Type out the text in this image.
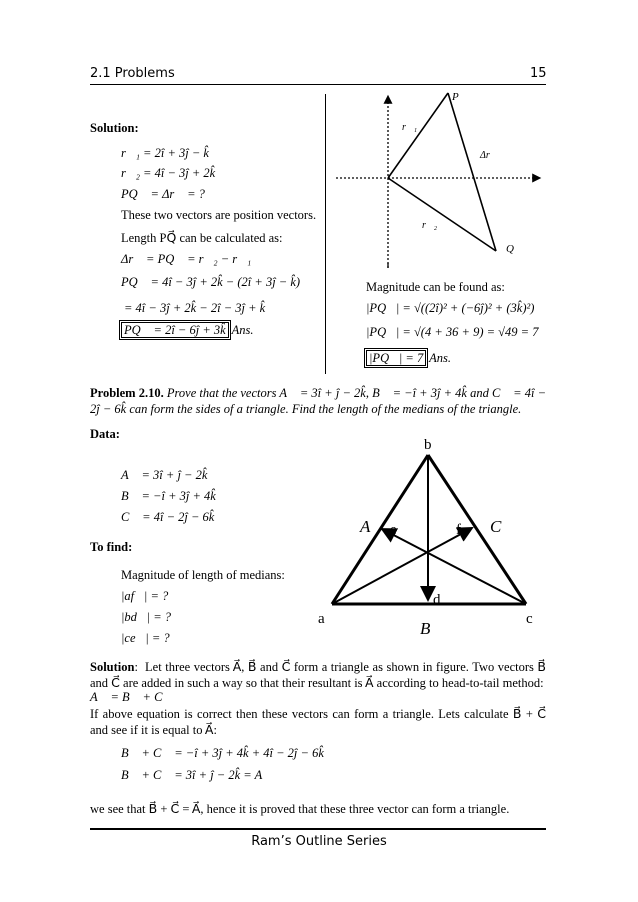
2.1 Problems	15
Solution:
r⃗₁ = 2î + 3ĵ − k̂
r⃗₂ = 4î − 3ĵ + 2k̂
PQ⃗ = Δr⃗ = ?
These two vectors are position vectors.
Length PQ⃗ can be calculated as:
Δr⃗ = PQ⃗ = r⃗₂ − r⃗₁
PQ⃗ = 4î − 3ĵ + 2k̂ − (2î + 3ĵ − k̂)
= 4î − 3ĵ + 2k̂ − 2î − 3ĵ + k̂
PQ⃗ = 2î − 6ĵ + 3k̂ Ans.
P
Q
r⃗₁
r⃗₂
Δr⃗
Magnitude can be found as:
|PQ⃗| = √((2î)² + (−6ĵ)² + (3k̂)²)
|PQ⃗| = √(4 + 36 + 9) = √49 = 7
|PQ⃗| = 7 Ans.
Problem 2.10. Prove that the vectors A⃗ = 3î + ĵ − 2k̂, B⃗ = −î + 3ĵ + 4k̂ and C⃗ = 4î − 2ĵ − 6k̂ can form the sides of a triangle. Find the length of the medians of the triangle.
Data:
A⃗ = 3î + ĵ − 2k̂
B⃗ = −î + 3ĵ + 4k̂
C⃗ = 4î − 2ĵ − 6k̂
To find:
Magnitude of length of medians:
|af⃗| = ?
|bd⃗| = ?
|ce⃗| = ?
b
a	c
d
e	f
A⃗	C⃗
B⃗
Solution:  Let three vectors A⃗, B⃗ and C⃗ form a triangle as shown in figure. Two vectors B⃗ and C⃗ are added in such a way so that their resultant is A⃗ according to head-to-tail method:
A⃗ = B⃗ + C⃗
If above equation is correct then these vectors can form a triangle. Lets calculate B⃗ + C⃗ and see if it is equal to A⃗:
B⃗ + C⃗ = −î + 3ĵ + 4k̂ + 4î − 2ĵ − 6k̂
B⃗ + C⃗ = 3î + ĵ − 2k̂ = A⃗
we see that B⃗ + C⃗ = A⃗, hence it is proved that these three vector can form a triangle.
Ram’s Outline Series
